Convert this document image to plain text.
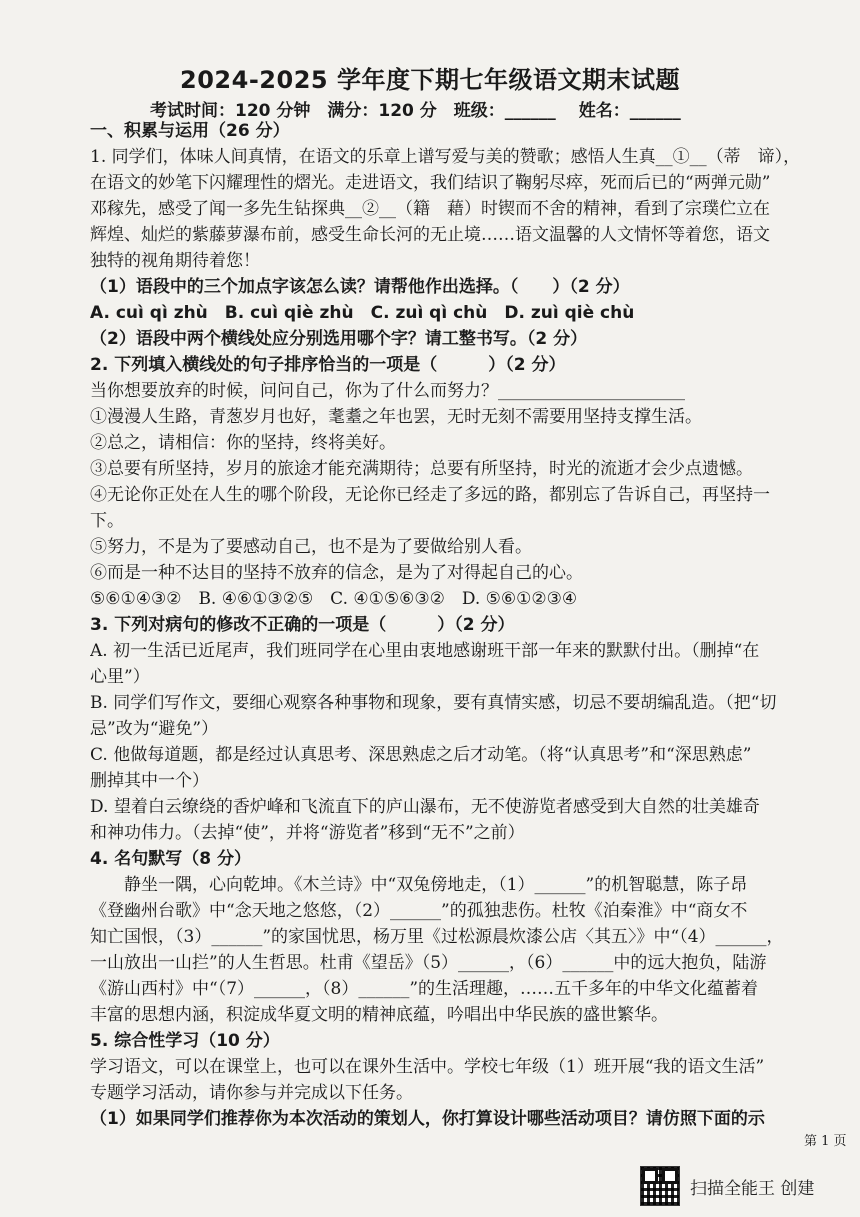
2024-2025 学年度下期七年级语文期末试题
考试时间：120 分钟　满分：120 分　班级：______　 姓名：______
一、积累与运用（26 分）
1. 同学们，体味人间真情，在语文的乐章上谱写爱与美的赞歌；感悟人生真__①__（蒂　谛），
在语文的妙笔下闪耀理性的熠光。走进语文，我们结识了鞠躬尽瘁，死而后已的“两弹元勋”
邓稼先，感受了闻一多先生钻探典__②__（籍　藉）时锲而不舍的精神，看到了宗璞伫立在
辉煌、灿烂的紫藤萝瀑布前，感受生命长河的无止境……语文温馨的人文情怀等着您，语文
独特的视角期待着您！
（1）语段中的三个加点字该怎么读？请帮他作出选择。（　　）（2 分）
A. cuì qì zhù　B. cuì qiè zhù　C. zuì qì chù　D. zuì qiè chù
（2）语段中两个横线处应分别选用哪个字？请工整书写。（2 分）
2. 下列填入横线处的句子排序恰当的一项是（　　　）（2 分）
当你想要放弃的时候，问问自己，你为了什么而努力？______________________
①漫漫人生路，青葱岁月也好，耄耋之年也罢，无时无刻不需要用坚持支撑生活。
②总之，请相信：你的坚持，终将美好。
③总要有所坚持，岁月的旅途才能充满期待；总要有所坚持，时光的流逝才会少点遗憾。
④无论你正处在人生的哪个阶段，无论你已经走了多远的路，都别忘了告诉自己，再坚持一
下。
⑤努力，不是为了要感动自己，也不是为了要做给别人看。
⑥而是一种不达目的坚持不放弃的信念，是为了对得起自己的心。
⑤⑥①④③②　B. ④⑥①③②⑤　C. ④①⑤⑥③②　D. ⑤⑥①②③④
3. 下列对病句的修改不正确的一项是（　　　）（2 分）
A. 初一生活已近尾声，我们班同学在心里由衷地感谢班干部一年来的默默付出。（删掉“在
心里”）
B. 同学们写作文，要细心观察各种事物和现象，要有真情实感，切忌不要胡编乱造。（把“切
忌”改为“避免”）
C. 他做每道题，都是经过认真思考、深思熟虑之后才动笔。（将“认真思考”和“深思熟虑”
删掉其中一个）
D. 望着白云缭绕的香炉峰和飞流直下的庐山瀑布，无不使游览者感受到大自然的壮美雄奇
和神功伟力。（去掉“使”，并将“游览者”移到“无不”之前）
4. 名句默写（8 分）
　　静坐一隅，心向乾坤。《木兰诗》中“双兔傍地走，（1）______”的机智聪慧，陈子昂
《登幽州台歌》中“念天地之悠悠，（2）______”的孤独悲伤。杜牧《泊秦淮》中“商女不
知亡国恨，（3）______”的家国忧思，杨万里《过松源晨炊漆公店〈其五〉》中“（4）______，
一山放出一山拦”的人生哲思。杜甫《望岳》（5）______，（6）______中的远大抱负，陆游
《游山西村》中“（7）______，（8）______”的生活理趣，……五千多年的中华文化蕴蓄着
丰富的思想内涵，积淀成华夏文明的精神底蕴，吟唱出中华民族的盛世繁华。
5. 综合性学习（10 分）
学习语文，可以在课堂上，也可以在课外生活中。学校七年级（1）班开展“我的语文生活”
专题学习活动，请你参与并完成以下任务。
（1）如果同学们推荐你为本次活动的策划人，你打算设计哪些活动项目？请仿照下面的示
第 1 页
扫描全能王 创建
